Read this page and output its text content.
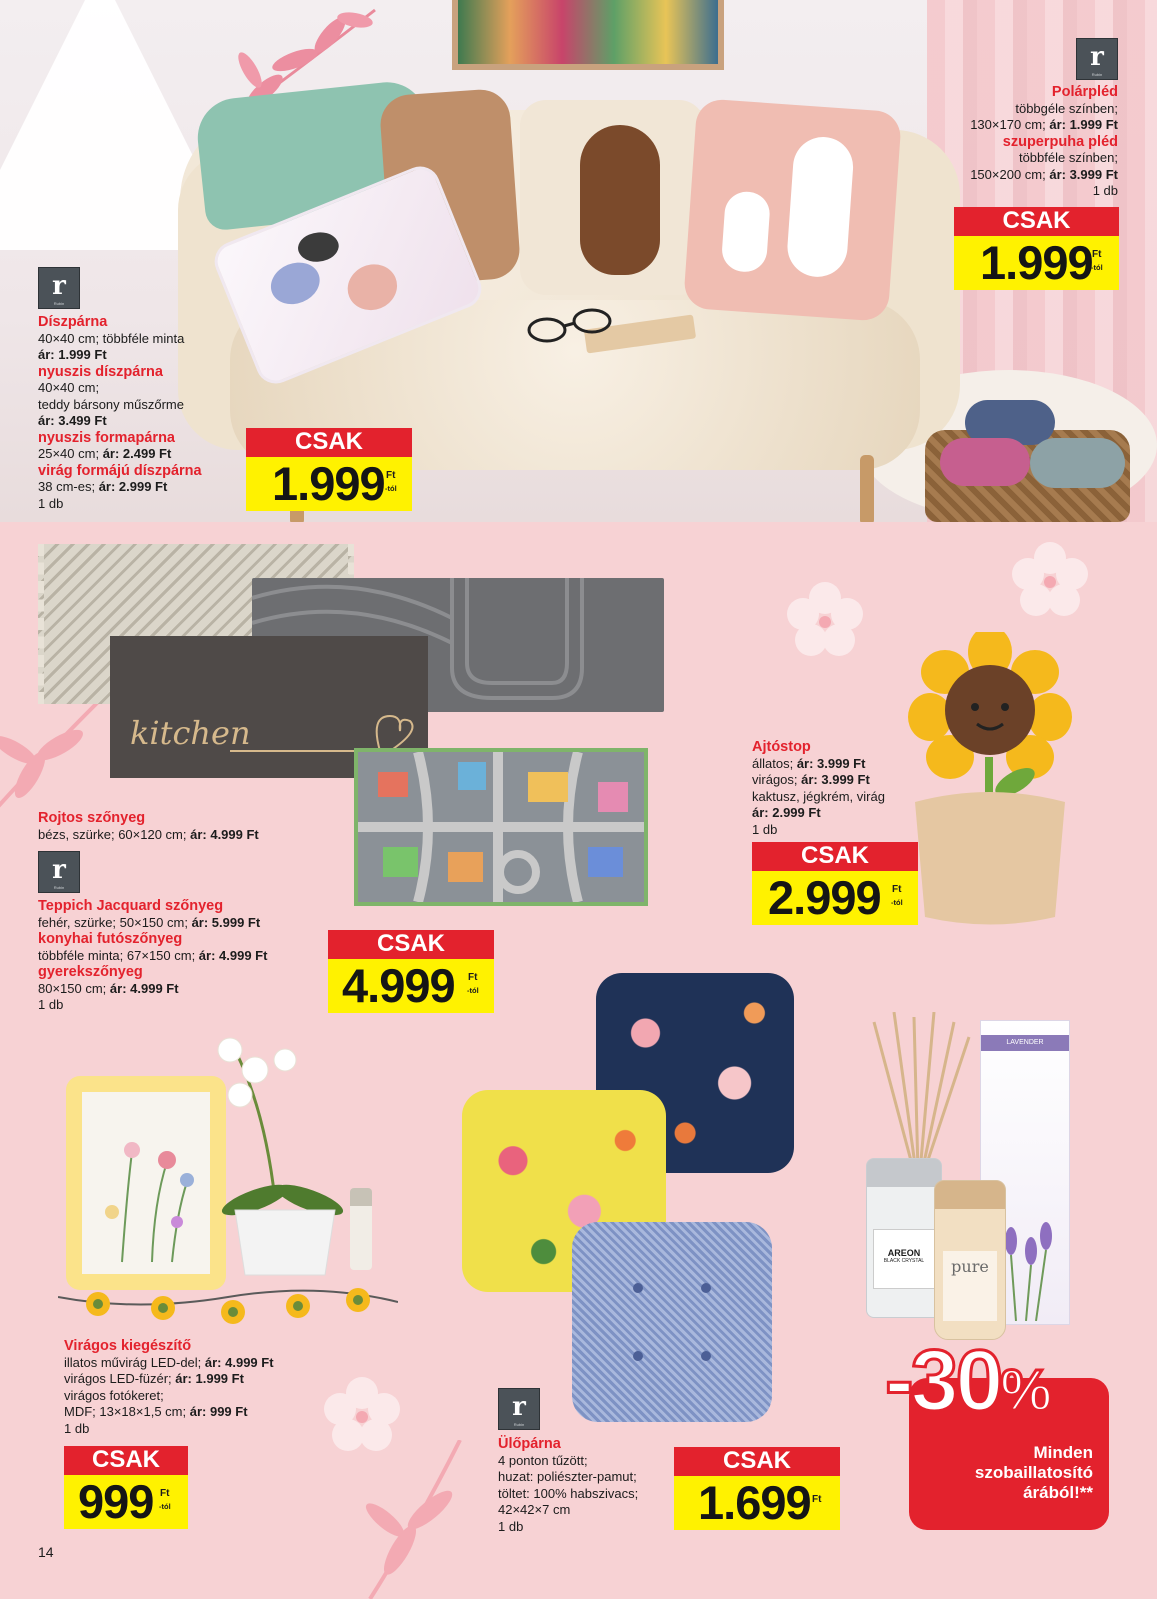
r
Rubin
Polárpléd
többgéle színben;
130×170 cm; ár: 1.999 Ft
szuperpuha pléd
többféle színben;
150×200 cm; ár: 3.999 Ft
1 db
CSAK
1.999 Ft
-tól
r
Rubin
Díszpárna
40×40 cm; többféle minta
ár: 1.999 Ft
nyuszis díszpárna
40×40 cm;
teddy bársony műszőrme
ár: 3.499 Ft
nyuszis formapárna
25×40 cm; ár: 2.499 Ft
virág formájú díszpárna
38 cm-es; ár: 2.999 Ft
1 db
CSAK
1.999 Ft
-tól
kitchen
Rojtos szőnyeg
bézs, szürke; 60×120 cm; ár: 4.999 Ft
r
Rubin
Teppich Jacquard szőnyeg
fehér, szürke; 50×150 cm; ár: 5.999 Ft
konyhai futószőnyeg
többféle minta; 67×150 cm; ár: 4.999 Ft
gyerekszőnyeg
80×150 cm; ár: 4.999 Ft
1 db
CSAK
4.999 Ft
-tól
Ajtóstop
állatos; ár: 3.999 Ft
virágos; ár: 3.999 Ft
kaktusz, jégkrém, virág
ár: 2.999 Ft
1 db
CSAK
2.999 Ft
-tól
Virágos kiegészítő
illatos művirág LED-del; ár: 4.999 Ft
virágos LED-füzér; ár: 1.999 Ft
virágos fotókeret;
MDF; 13×18×1,5 cm; ár: 999 Ft
1 db
CSAK
999 Ft
-tól
r
Rubin
Ülőpárna
4 ponton tűzött;
huzat: poliészter-pamut;
töltet: 100% habszivacs;
42×42×7 cm
1 db
CSAK
1.699 Ft
AREON
BLACK CRYSTAL
LAVENDER
pure
-30%
Minden
szobaillatosító
árából!**
14
